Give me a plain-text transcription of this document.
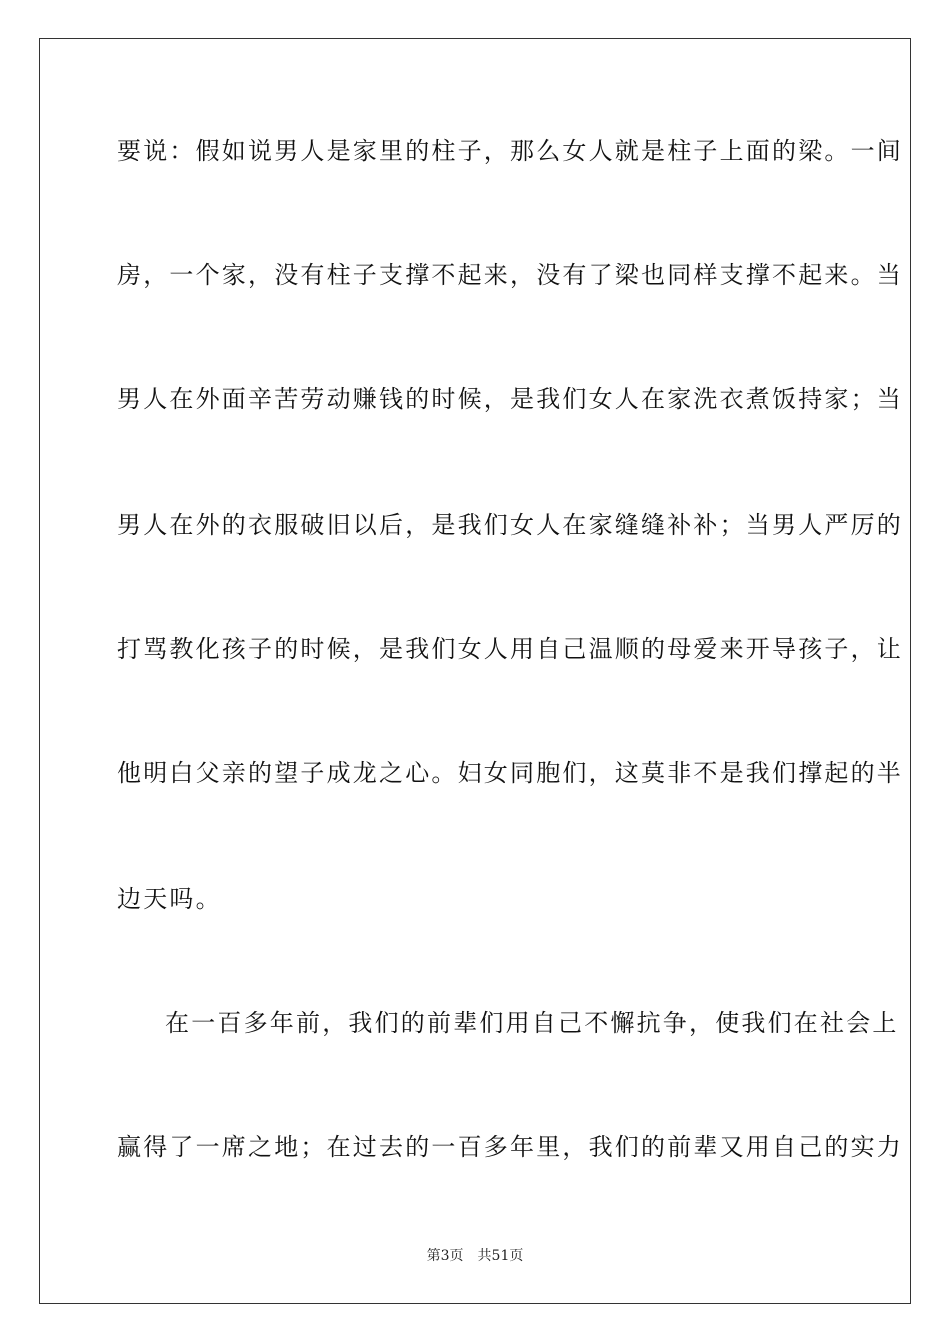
要说：假如说男人是家里的柱子，那么女人就是柱子上面的梁。一间
房，一个家，没有柱子支撑不起来，没有了梁也同样支撑不起来。当
男人在外面辛苦劳动赚钱的时候，是我们女人在家洗衣煮饭持家；当
男人在外的衣服破旧以后，是我们女人在家缝缝补补；当男人严厉的
打骂教化孩子的时候，是我们女人用自己温顺的母爱来开导孩子，让
他明白父亲的望子成龙之心。妇女同胞们，这莫非不是我们撑起的半
边天吗。
在一百多年前，我们的前辈们用自己不懈抗争，使我们在社会上
赢得了一席之地；在过去的一百多年里，我们的前辈又用自己的实力
第3页 共51页
